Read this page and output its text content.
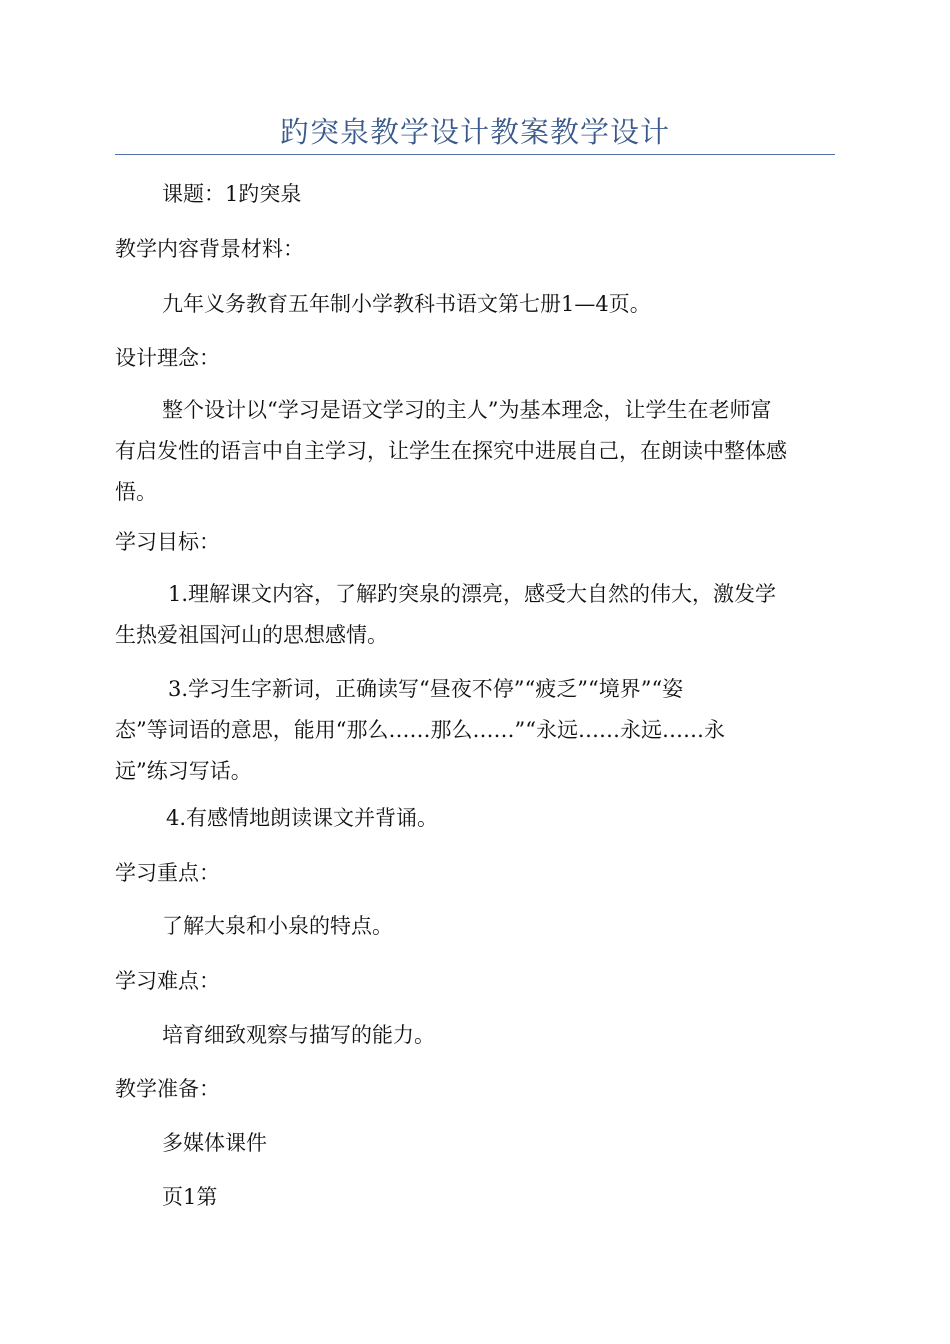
趵突泉教学设计教案教学设计
课题：1趵突泉
教学内容背景材料：
九年义务教育五年制小学教科书语文第七册1—4页。
设计理念：
整个设计以“学习是语文学习的主人”为基本理念，让学生在老师富
有启发性的语言中自主学习，让学生在探究中进展自己，在朗读中整体感
悟。
学习目标：
1.理解课文内容，了解趵突泉的漂亮，感受大自然的伟大，激发学
生热爱祖国河山的思想感情。
3.学习生字新词，正确读写“昼夜不停”“疲乏”“境界”“姿
态”等词语的意思，能用“那么……那么……”“永远……永远……永
远”练习写话。
4.有感情地朗读课文并背诵。
学习重点：
了解大泉和小泉的特点。
学习难点：
培育细致观察与描写的能力。
教学准备：
多媒体课件
页1第
